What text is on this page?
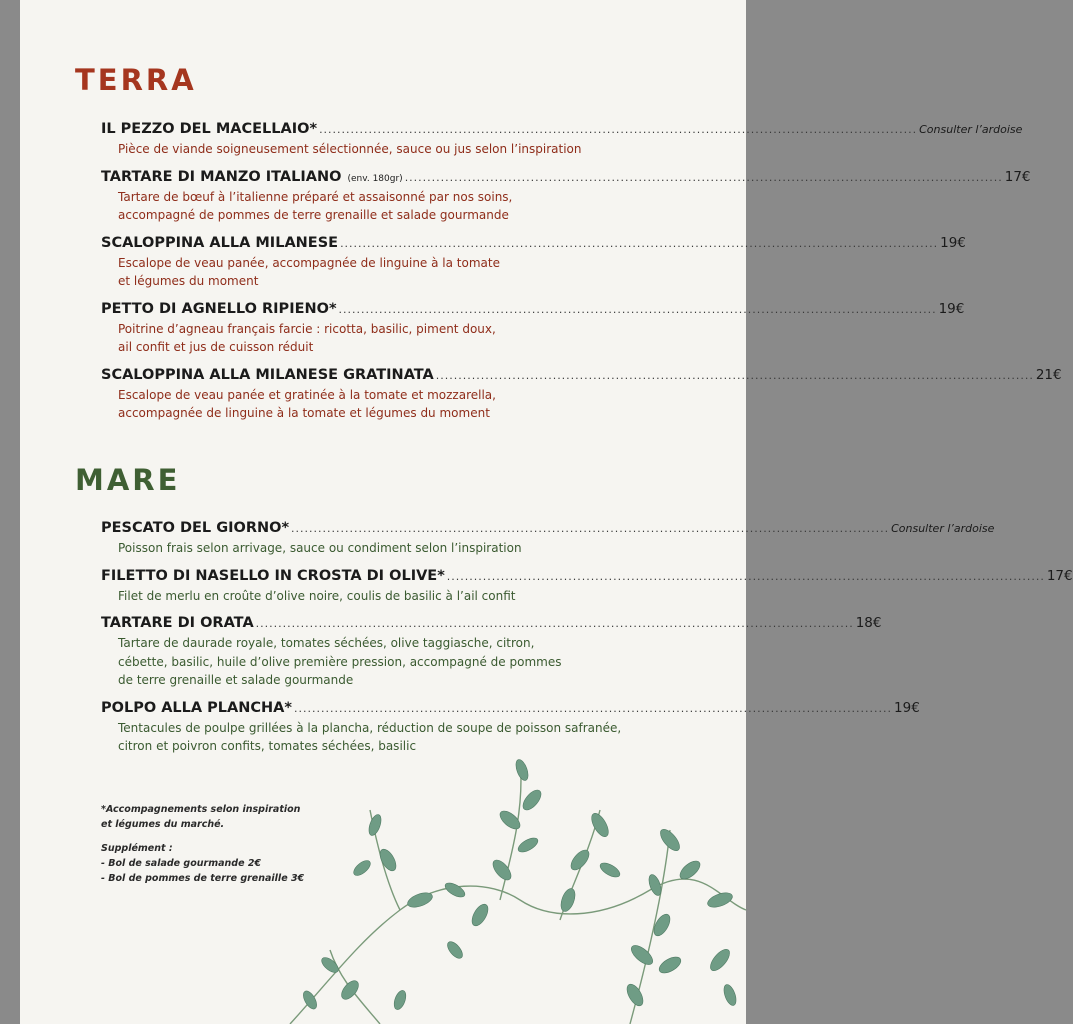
TERRA
IL PEZZO DEL MACELLAIO* ..................................................................................................................................... Consulter l’ardoise
Pièce de viande soigneusement sélectionnée, sauce ou jus selon l’inspiration
TARTARE DI MANZO ITALIANO (env. 180gr) ..................................................................................................................................... 17€
Tartare de bœuf à l’italienne préparé et assaisonné par nos soins,
accompagné de pommes de terre grenaille et salade gourmande
SCALOPPINA ALLA MILANESE ..................................................................................................................................... 19€
Escalope de veau panée, accompagnée de linguine à la tomate
et légumes du moment
PETTO DI AGNELLO RIPIENO* ..................................................................................................................................... 19€
Poitrine d’agneau français farcie : ricotta, basilic, piment doux,
ail confit et jus de cuisson réduit
SCALOPPINA ALLA MILANESE GRATINATA ..................................................................................................................................... 21€
Escalope de veau panée et gratinée à la tomate et mozzarella,
accompagnée de linguine à la tomate et légumes du moment
MARE
PESCATO DEL GIORNO* ..................................................................................................................................... Consulter l’ardoise
Poisson frais selon arrivage, sauce ou condiment selon l’inspiration
FILETTO DI NASELLO IN CROSTA DI OLIVE* ..................................................................................................................................... 17€
Filet de merlu en croûte d’olive noire, coulis de basilic à l’ail confit
TARTARE DI ORATA ..................................................................................................................................... 18€
Tartare de daurade royale, tomates séchées, olive taggiasche, citron,
cébette, basilic, huile d’olive première pression, accompagné de pommes
de terre grenaille et salade gourmande
POLPO ALLA PLANCHA* ..................................................................................................................................... 19€
Tentacules de poulpe grillées à la plancha, réduction de soupe de poisson safranée,
citron et poivron confits, tomates séchées, basilic
*Accompagnements selon inspiration
et légumes du marché.
Supplément :
- Bol de salade gourmande 2€
- Bol de pommes de terre grenaille 3€
